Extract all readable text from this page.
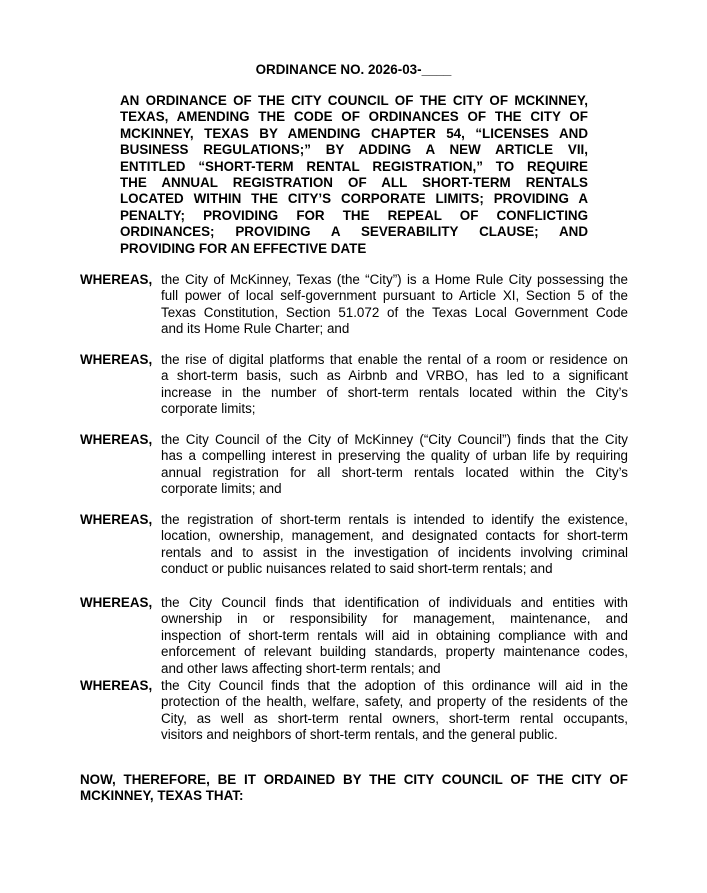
ORDINANCE NO. 2026-03-____
AN ORDINANCE OF THE CITY COUNCIL OF THE CITY OF MCKINNEY,
TEXAS, AMENDING THE CODE OF ORDINANCES OF THE CITY OF
MCKINNEY, TEXAS BY AMENDING CHAPTER 54, “LICENSES AND
BUSINESS REGULATIONS;” BY ADDING A NEW ARTICLE VII,
ENTITLED “SHORT-TERM RENTAL REGISTRATION,” TO REQUIRE
THE ANNUAL REGISTRATION OF ALL SHORT-TERM RENTALS
LOCATED WITHIN THE CITY’S CORPORATE LIMITS; PROVIDING A
PENALTY; PROVIDING FOR THE REPEAL OF CONFLICTING
ORDINANCES; PROVIDING A SEVERABILITY CLAUSE; AND
PROVIDING FOR AN EFFECTIVE DATE
WHEREAS, the City of McKinney, Texas (the “City”) is a Home Rule City possessing the
full power of local self-government pursuant to Article XI, Section 5 of the
Texas Constitution, Section 51.072 of the Texas Local Government Code
and its Home Rule Charter; and
WHEREAS, the rise of digital platforms that enable the rental of a room or residence on
a short-term basis, such as Airbnb and VRBO, has led to a significant
increase in the number of short-term rentals located within the City’s
corporate limits;
WHEREAS, the City Council of the City of McKinney (“City Council”) finds that the City
has a compelling interest in preserving the quality of urban life by requiring
annual registration for all short-term rentals located within the City’s
corporate limits; and
WHEREAS, the registration of short-term rentals is intended to identify the existence,
location, ownership, management, and designated contacts for short-term
rentals and to assist in the investigation of incidents involving criminal
conduct or public nuisances related to said short-term rentals; and
WHEREAS, the City Council finds that identification of individuals and entities with
ownership in or responsibility for management, maintenance, and
inspection of short-term rentals will aid in obtaining compliance with and
enforcement of relevant building standards, property maintenance codes,
and other laws affecting short-term rentals; and
WHEREAS, the City Council finds that the adoption of this ordinance will aid in the
protection of the health, welfare, safety, and property of the residents of the
City, as well as short-term rental owners, short-term rental occupants,
visitors and neighbors of short-term rentals, and the general public.
NOW, THEREFORE, BE IT ORDAINED BY THE CITY COUNCIL OF THE CITY OF
MCKINNEY, TEXAS THAT:
